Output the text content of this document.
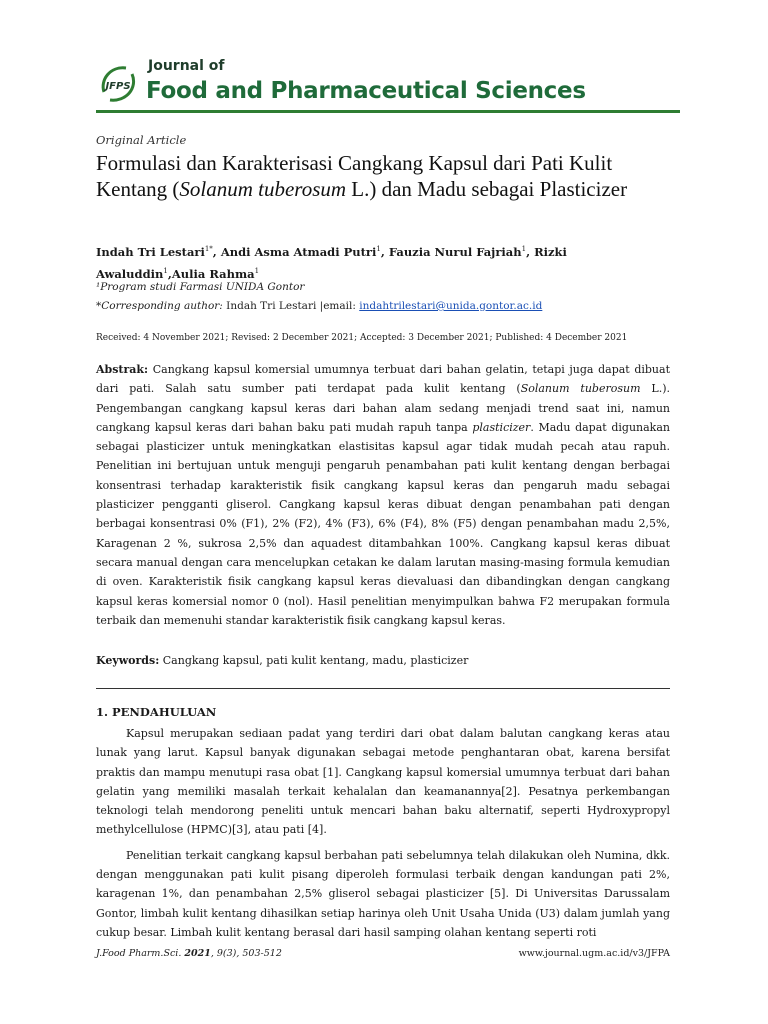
JFPS
Journal of
Food and Pharmaceutical Sciences
Original Article
Formulasi dan Karakterisasi Cangkang Kapsul dari Pati Kulit Kentang (Solanum tuberosum L.) dan Madu sebagai Plasticizer
Indah Tri Lestari$^{1*}$, Andi Asma Atmadi Putri$^1$, Fauzia Nurul Fajriah$^1$, Rizki Awaluddin$^1$,Aulia Rahma$^1$
¹Program studi Farmasi UNIDA Gontor
*Corresponding author: Indah Tri Lestari |email: indahtrilestari@unida.gontor.ac.id
Received: 4 November 2021; Revised: 2 December 2021; Accepted: 3 December 2021; Published: 4 December 2021
Abstrak: Cangkang kapsul komersial umumnya terbuat dari bahan gelatin, tetapi juga dapat dibuat dari pati. Salah satu sumber pati terdapat pada kulit kentang (Solanum tuberosum L.). Pengembangan cangkang kapsul keras dari bahan alam sedang menjadi trend saat ini, namun cangkang kapsul keras dari bahan baku pati mudah rapuh tanpa plasticizer. Madu dapat digunakan sebagai plasticizer untuk meningkatkan elastisitas kapsul agar tidak mudah pecah atau rapuh. Penelitian ini bertujuan untuk menguji pengaruh penambahan pati kulit kentang dengan berbagai konsentrasi terhadap karakteristik fisik cangkang kapsul keras dan pengaruh madu sebagai plasticizer pengganti gliserol. Cangkang kapsul keras dibuat dengan penambahan pati dengan berbagai konsentrasi 0% (F1), 2% (F2), 4% (F3), 6% (F4), 8% (F5) dengan penambahan madu 2,5%, Karagenan 2 %, sukrosa 2,5% dan aquadest ditambahkan 100%. Cangkang kapsul keras dibuat secara manual dengan cara mencelupkan cetakan ke dalam larutan masing-masing formula kemudian di oven. Karakteristik fisik cangkang kapsul keras dievaluasi dan dibandingkan dengan cangkang kapsul keras komersial nomor 0 (nol). Hasil penelitian menyimpulkan bahwa F2 merupakan formula terbaik dan memenuhi standar karakteristik fisik cangkang kapsul keras.
Keywords: Cangkang kapsul, pati kulit kentang, madu, plasticizer
1. PENDAHULUAN

Kapsul merupakan sediaan padat yang terdiri dari obat dalam balutan cangkang keras atau lunak yang larut. Kapsul banyak digunakan sebagai metode penghantaran obat, karena bersifat praktis dan mampu menutupi rasa obat [1]. Cangkang kapsul komersial umumnya terbuat dari bahan gelatin yang memiliki masalah terkait kehalalan dan keamanannya[2]. Pesatnya perkembangan teknologi telah mendorong peneliti untuk mencari bahan baku alternatif, seperti Hydroxypropyl methylcellulose (HPMC)[3], atau pati [4].

Penelitian terkait cangkang kapsul berbahan pati sebelumnya telah dilakukan oleh Numina, dkk. dengan menggunakan pati kulit pisang diperoleh formulasi terbaik dengan kandungan pati 2%, karagenan 1%, dan penambahan 2,5% gliserol sebagai plasticizer [5]. Di Universitas Darussalam Gontor, limbah kulit kentang dihasilkan setiap harinya oleh Unit Usaha Unida (U3) dalam jumlah yang cukup besar. Limbah kulit kentang berasal dari hasil samping olahan kentang seperti roti

J.Food Pharm.Sci. 2021, 9(3), 503-512	www.journal.ugm.ac.id/v3/JFPA
